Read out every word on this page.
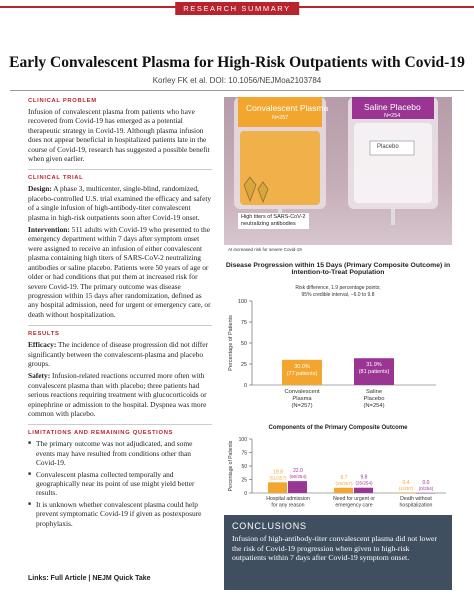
RESEARCH SUMMARY
Early Convalescent Plasma for High-Risk Outpatients with Covid-19
Korley FK et al. DOI: 10.1056/NEJMoa2103784
CLINICAL PROBLEM

Infusion of convalescent plasma from patients who have recovered from Covid-19 has emerged as a potential therapeutic strategy in Covid-19. Although plasma infusion does not appear beneficial in hospitalized patients late in the course of Covid-19, research has suggested a possible benefit when given earlier.

CLINICAL TRIAL

Design: A phase 3, multicenter, single-blind, randomized, placebo-controlled U.S. trial examined the efficacy and safety of a single infusion of high-antibody-titer convalescent plasma in high-risk outpatients soon after Covid-19 onset.

Intervention: 511 adults with Covid-19 who presented to the emergency department within 7 days after symptom onset were assigned to receive an infusion of either convalescent plasma containing high titers of SARS-CoV-2 neutralizing antibodies or saline placebo. Patients were 50 years of age or older or had conditions that put them at increased risk for severe Covid-19. The primary outcome was disease progression within 15 days after randomization, defined as any hospital admission, need for urgent or emergency care, or death without hospitalization.

RESULTS

Efficacy: The incidence of disease progression did not differ significantly between the convalescent-plasma and placebo groups.

Safety: Infusion-related reactions occurred more often with convalescent plasma than with placebo; three patients had serious reactions requiring treatment with glucocorticoids or epinephrine or admission to the hospital. Dyspnea was more common with placebo.

LIMITATIONS AND REMAINING QUESTIONS
■ The primary outcome was not adjudicated, and some events may have resulted from conditions other than Covid-19.
■ Convalescent plasma collected temporally and geographically near its point of use might yield better results.
■ It is unknown whether convalescent plasma could help prevent symptomatic Covid-19 if given as postexposure prophylaxis.
Links: Full Article | NEJM Quick Take
Convalescent Plasma
N=257
Saline Placebo
N=254
Placebo
High titers of SARS-CoV-2
neutralizing antibodies
At increased risk for severe Covid-19
Disease Progression within 15 Days (Primary Composite Outcome) in Intention-to-Treat Population
Risk difference, 1.9 percentage points;
95% credible interval, −6.0 to 9.8
0
25
50
75
100
Percentage of Patients	30.0%
(77 patients)
Convalescent
Plasma
(N=257)
31.9%
(81 patients)
Saline
Placebo
(N=254)
Components of the Primary Composite Outcome
0
25
50
75
100
Percentage of Patients	19.8
(51/257)	9.7
(25/257)	0.4
(1/257)
22.0
(56/254)	9.8
(25/254)	0.0
(0/254)
Hospital admission
for any reason
Need for urgent or
emergency care
Death without
hospitalization
CONCLUSIONS
Infusion of high-antibody-titer convalescent plasma did not lower the risk of Covid-19 progression when given to high-risk outpatients within 7 days after Covid-19 symptom onset.
